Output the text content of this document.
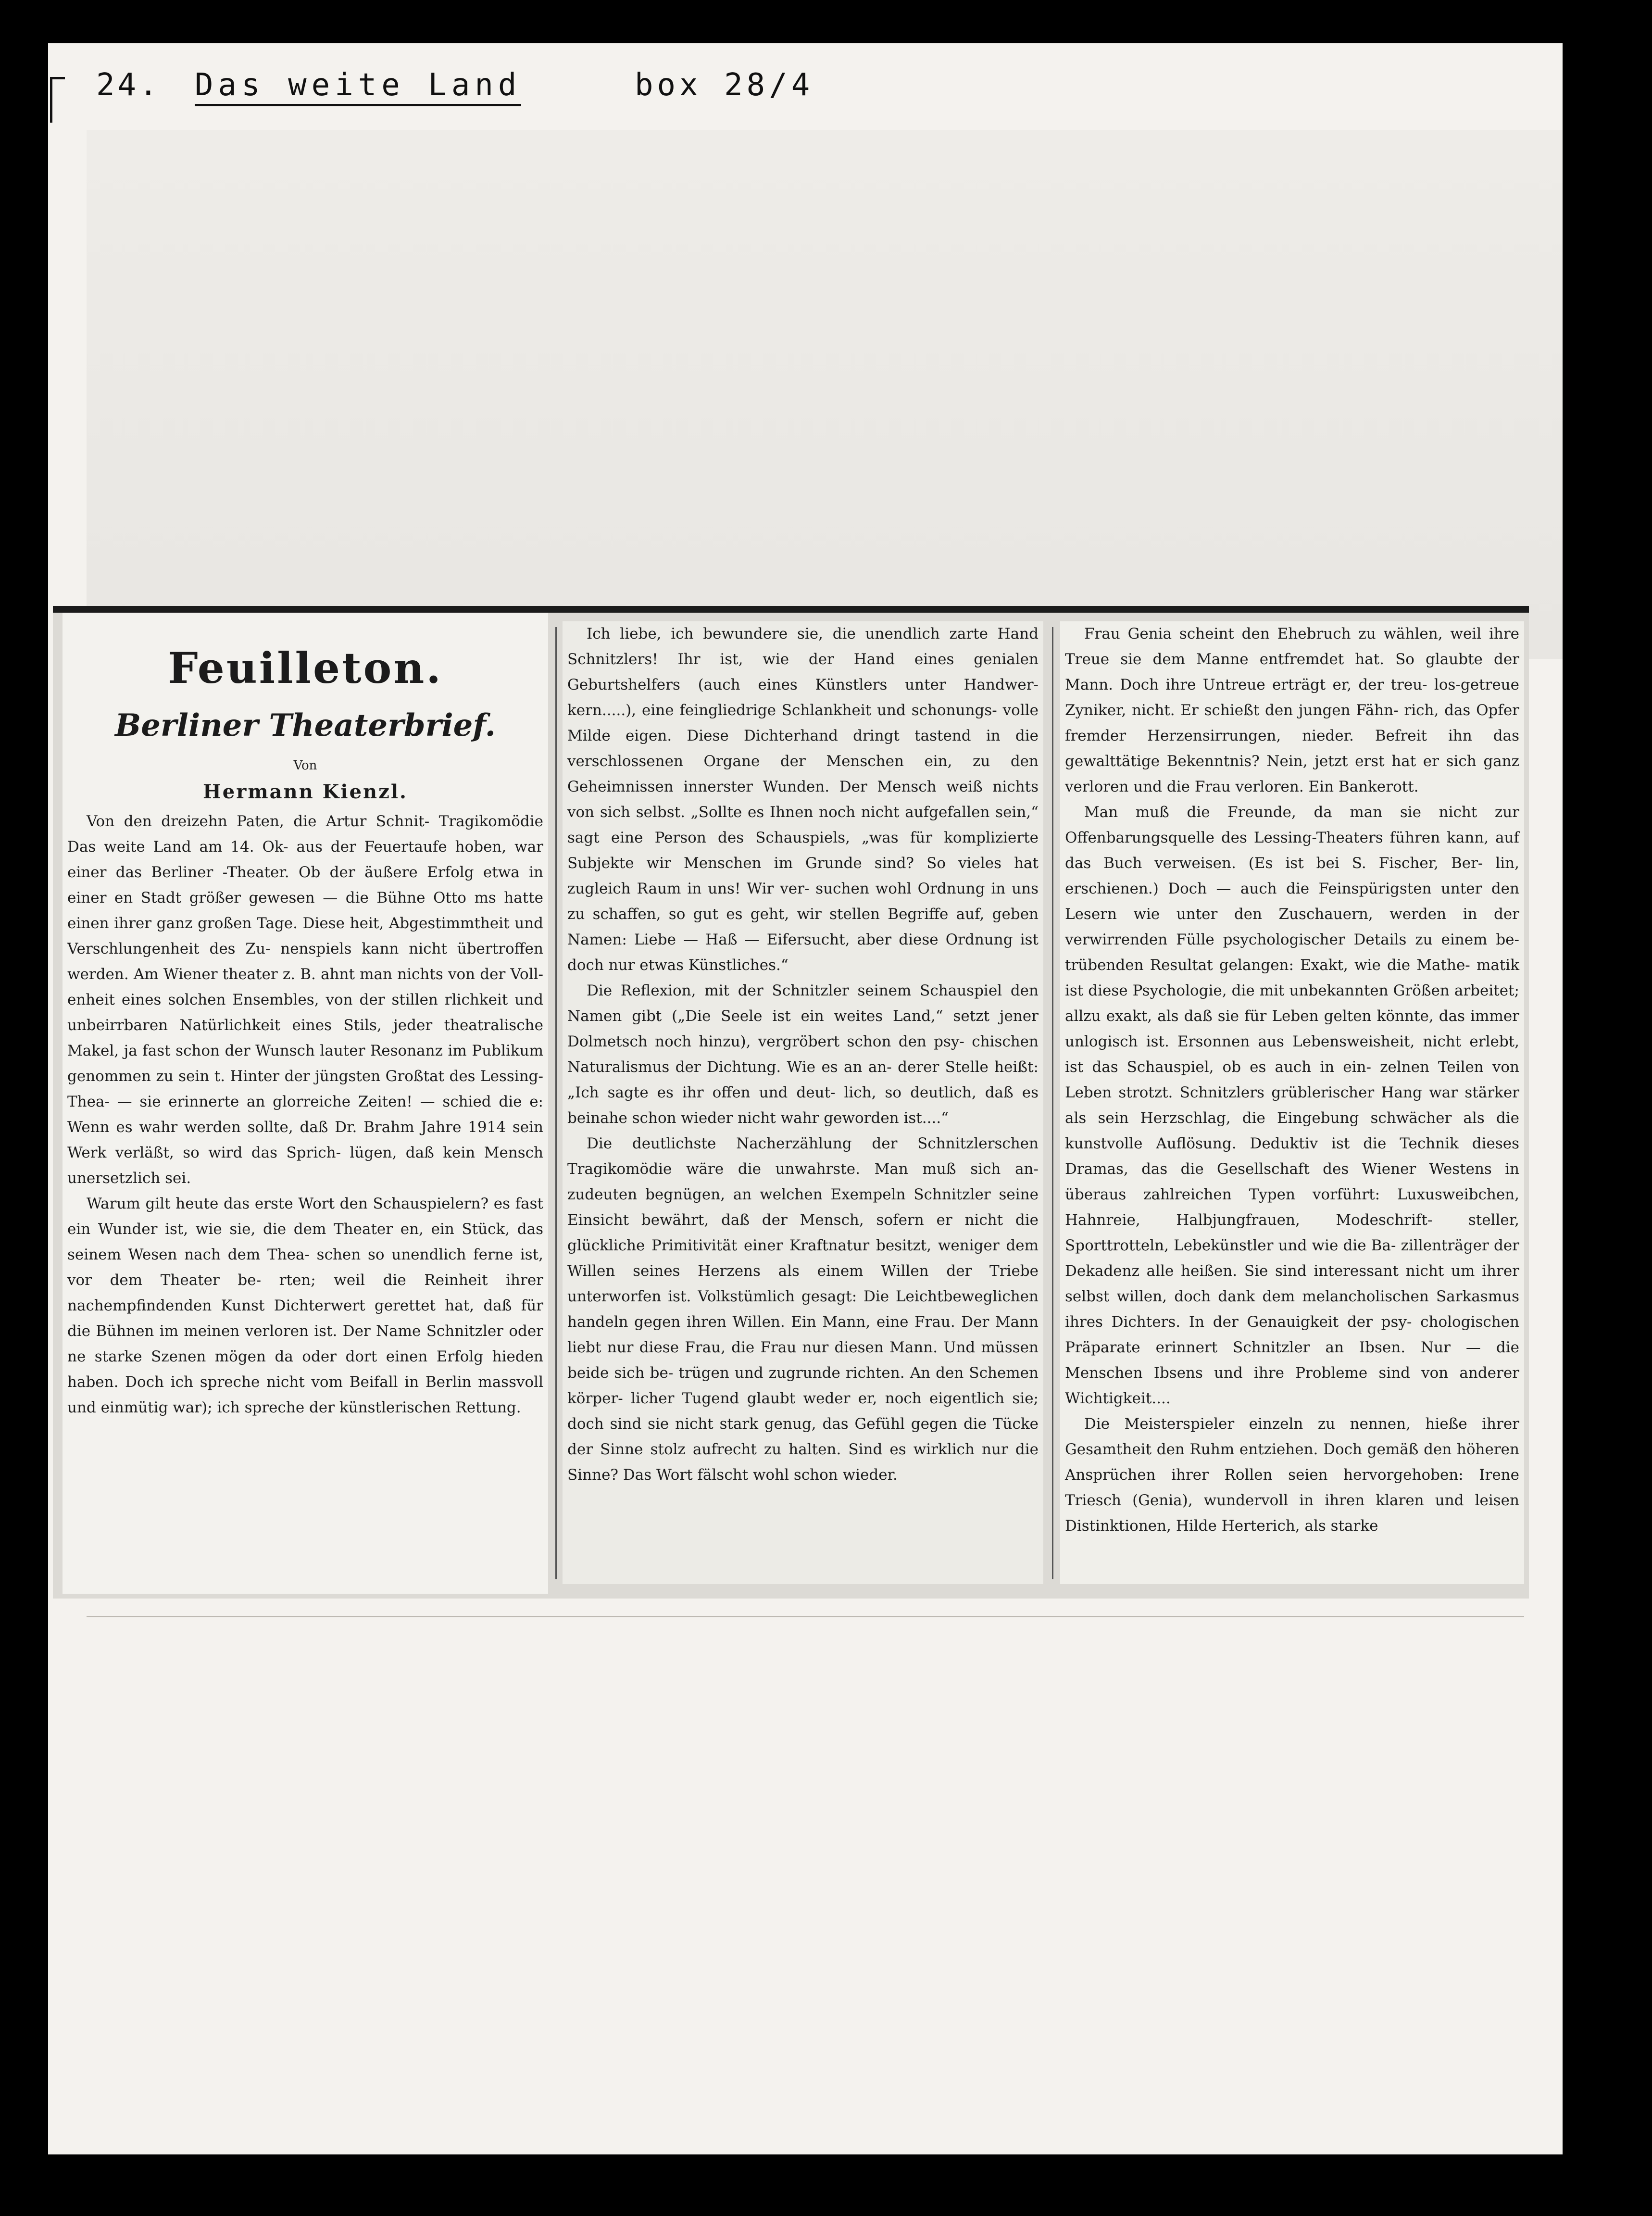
24. Das weite Land	box 28/4
Feuilleton.
Berliner Theaterbrief.
Von
Hermann Kienzl.

Von den dreizehn Paten, die Artur Schnit- Tragikomödie Das weite Land am 14. Ok- aus der Feuertaufe hoben, war einer das Berliner -Theater. Ob der äußere Erfolg etwa in einer en Stadt größer gewesen — die Bühne Otto ms hatte einen ihrer ganz großen Tage. Diese heit, Abgestimmtheit und Verschlungenheit des Zu- nenspiels kann nicht übertroffen werden. Am Wiener theater z. B. ahnt man nichts von der Voll- enheit eines solchen Ensembles, von der stillen rlichkeit und unbeirrbaren Natürlichkeit eines Stils, jeder theatralische Makel, ja fast schon der Wunsch lauter Resonanz im Publikum genommen zu sein t. Hinter der jüngsten Großtat des Lessing-Thea- — sie erinnerte an glorreiche Zeiten! — schied die e: Wenn es wahr werden sollte, daß Dr. Brahm Jahre 1914 sein Werk verläßt, so wird das Sprich- lügen, daß kein Mensch unersetzlich sei.

Warum gilt heute das erste Wort den Schauspielern? es fast ein Wunder ist, wie sie, die dem Theater en, ein Stück, das seinem Wesen nach dem Thea- schen so unendlich ferne ist, vor dem Theater be- rten; weil die Reinheit ihrer nachempfindenden Kunst Dichterwert gerettet hat, daß für die Bühnen im meinen verloren ist. Der Name Schnitzler oder ne starke Szenen mögen da oder dort einen Erfolg hieden haben. Doch ich spreche nicht vom Beifall in Berlin massvoll und einmütig war); ich spreche der künstlerischen Rettung.

Ich liebe, ich bewundere sie, die unendlich zarte Hand Schnitzlers! Ihr ist, wie der Hand eines genialen Geburtshelfers (auch eines Künstlers unter Handwer- kern.....), eine feingliedrige Schlankheit und schonungs- volle Milde eigen. Diese Dichterhand dringt tastend in die verschlossenen Organe der Menschen ein, zu den Geheimnissen innerster Wunden. Der Mensch weiß nichts von sich selbst. „Sollte es Ihnen noch nicht aufgefallen sein,“ sagt eine Person des Schauspiels, „was für komplizierte Subjekte wir Menschen im Grunde sind? So vieles hat zugleich Raum in uns! Wir ver- suchen wohl Ordnung in uns zu schaffen, so gut es geht, wir stellen Begriffe auf, geben Namen: Liebe — Haß — Eifersucht, aber diese Ordnung ist doch nur etwas Künstliches.“

Die Reflexion, mit der Schnitzler seinem Schauspiel den Namen gibt („Die Seele ist ein weites Land,“ setzt jener Dolmetsch noch hinzu), vergröbert schon den psy- chischen Naturalismus der Dichtung. Wie es an an- derer Stelle heißt: „Ich sagte es ihr offen und deut- lich, so deutlich, daß es beinahe schon wieder nicht wahr geworden ist....“

Die deutlichste Nacherzählung der Schnitzlerschen Tragikomödie wäre die unwahrste. Man muß sich an- zudeuten begnügen, an welchen Exempeln Schnitzler seine Einsicht bewährt, daß der Mensch, sofern er nicht die glückliche Primitivität einer Kraftnatur besitzt, weniger dem Willen seines Herzens als einem Willen der Triebe unterworfen ist. Volkstümlich gesagt: Die Leichtbeweglichen handeln gegen ihren Willen. Ein Mann, eine Frau. Der Mann liebt nur diese Frau, die Frau nur diesen Mann. Und müssen beide sich be- trügen und zugrunde richten. An den Schemen körper- licher Tugend glaubt weder er, noch eigentlich sie; doch sind sie nicht stark genug, das Gefühl gegen die Tücke der Sinne stolz aufrecht zu halten. Sind es wirklich nur die Sinne? Das Wort fälscht wohl schon wieder.

Frau Genia scheint den Ehebruch zu wählen, weil ihre Treue sie dem Manne entfremdet hat. So glaubte der Mann. Doch ihre Untreue erträgt er, der treu- los-getreue Zyniker, nicht. Er schießt den jungen Fähn- rich, das Opfer fremder Herzensirrungen, nieder. Befreit ihn das gewalttätige Bekenntnis? Nein, jetzt erst hat er sich ganz verloren und die Frau verloren. Ein Bankerott.

Man muß die Freunde, da man sie nicht zur Offenbarungsquelle des Lessing-Theaters führen kann, auf das Buch verweisen. (Es ist bei S. Fischer, Ber- lin, erschienen.) Doch — auch die Feinspürigsten unter den Lesern wie unter den Zuschauern, werden in der verwirrenden Fülle psychologischer Details zu einem be- trübenden Resultat gelangen: Exakt, wie die Mathe- matik ist diese Psychologie, die mit unbekannten Größen arbeitet; allzu exakt, als daß sie für Leben gelten könnte, das immer unlogisch ist. Ersonnen aus Lebensweisheit, nicht erlebt, ist das Schauspiel, ob es auch in ein- zelnen Teilen von Leben strotzt. Schnitzlers grüblerischer Hang war stärker als sein Herzschlag, die Eingebung schwächer als die kunstvolle Auflösung. Deduktiv ist die Technik dieses Dramas, das die Gesellschaft des Wiener Westens in überaus zahlreichen Typen vorführt: Luxusweibchen, Hahnreie, Halbjungfrauen, Modeschrift- steller, Sporttrotteln, Lebekünstler und wie die Ba- zillenträger der Dekadenz alle heißen. Sie sind interessant nicht um ihrer selbst willen, doch dank dem melancholischen Sarkasmus ihres Dichters. In der Genauigkeit der psy- chologischen Präparate erinnert Schnitzler an Ibsen. Nur — die Menschen Ibsens und ihre Probleme sind von anderer Wichtigkeit....

Die Meisterspieler einzeln zu nennen, hieße ihrer Gesamtheit den Ruhm entziehen. Doch gemäß den höheren Ansprüchen ihrer Rollen seien hervorgehoben: Irene Triesch (Genia), wundervoll in ihren klaren und leisen Distinktionen, Hilde Herterich, als starke
